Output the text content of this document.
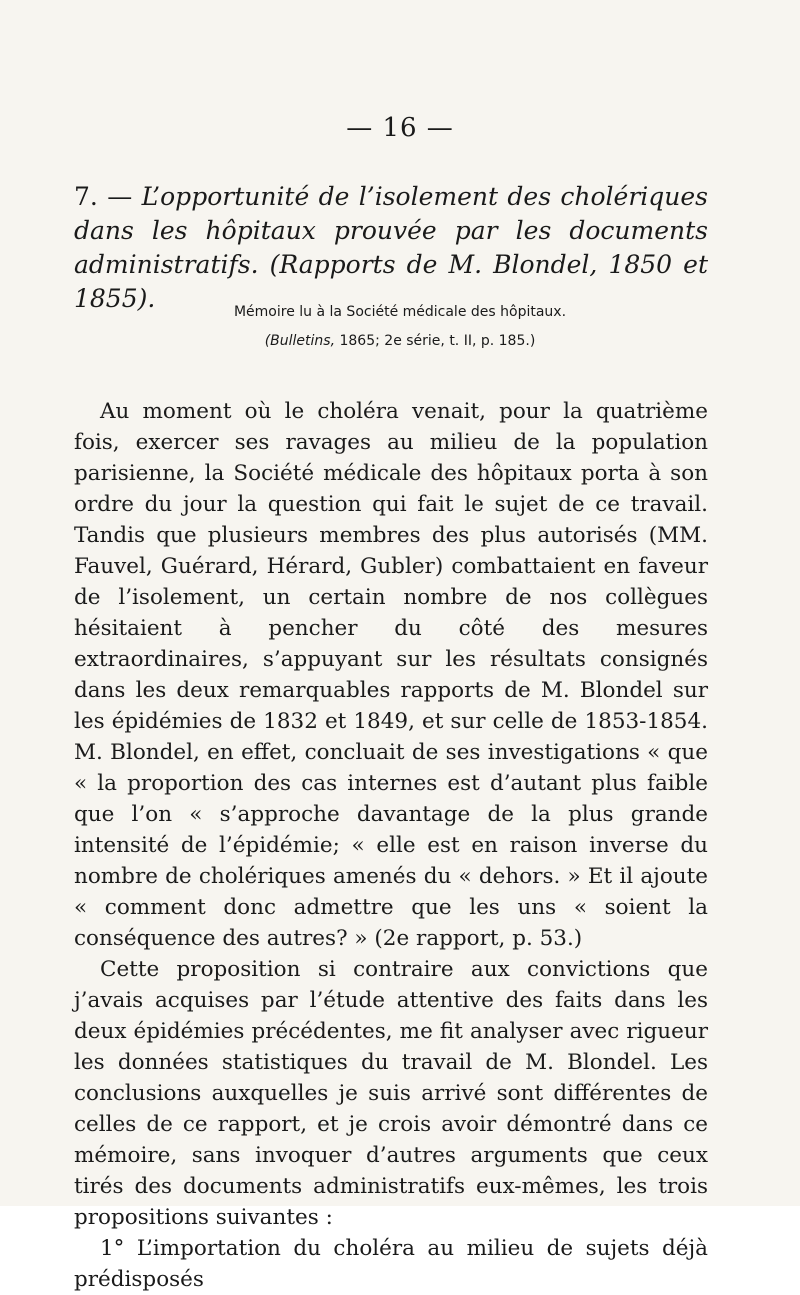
— 16 —
7. — L’opportunité de l’isolement des cholériques dans les hôpitaux prouvée par les documents administratifs. (Rapports de M. Blondel, 1850 et 1855).	Mémoire lu à la Société médicale des hôpitaux.
(Bulletins, 1865; 2e série, t. II, p. 185.)

Au moment où le choléra venait, pour la quatrième fois, exercer ses ravages au milieu de la population parisienne, la Société médicale des hôpitaux porta à son ordre du jour la question qui fait le sujet de ce travail. Tandis que plusieurs membres des plus autorisés (MM. Fauvel, Guérard, Hérard, Gubler) combattaient en faveur de l’isolement, un certain nombre de nos collègues hésitaient à pencher du côté des mesures extraordinaires, s’appuyant sur les résultats consignés dans les deux remarquables rapports de M. Blondel sur les épidémies de 1832 et 1849, et sur celle de 1853-1854. M. Blondel, en effet, concluait de ses investigations « que « la proportion des cas internes est d’autant plus faible que l’on « s’approche davantage de la plus grande intensité de l’épidémie; « elle est en raison inverse du nombre de cholériques amenés du « dehors. » Et il ajoute « comment donc admettre que les uns « soient la conséquence des autres? » (2e rapport, p. 53.)

Cette proposition si contraire aux convictions que j’avais acquises par l’étude attentive des faits dans les deux épidémies précédentes, me fit analyser avec rigueur les données statistiques du travail de M. Blondel. Les conclusions auxquelles je suis arrivé sont différentes de celles de ce rapport, et je crois avoir démontré dans ce mémoire, sans invoquer d’autres arguments que ceux tirés des documents administratifs eux-mêmes, les trois propositions suivantes :

1° L’importation du choléra au milieu de sujets déjà prédisposés
